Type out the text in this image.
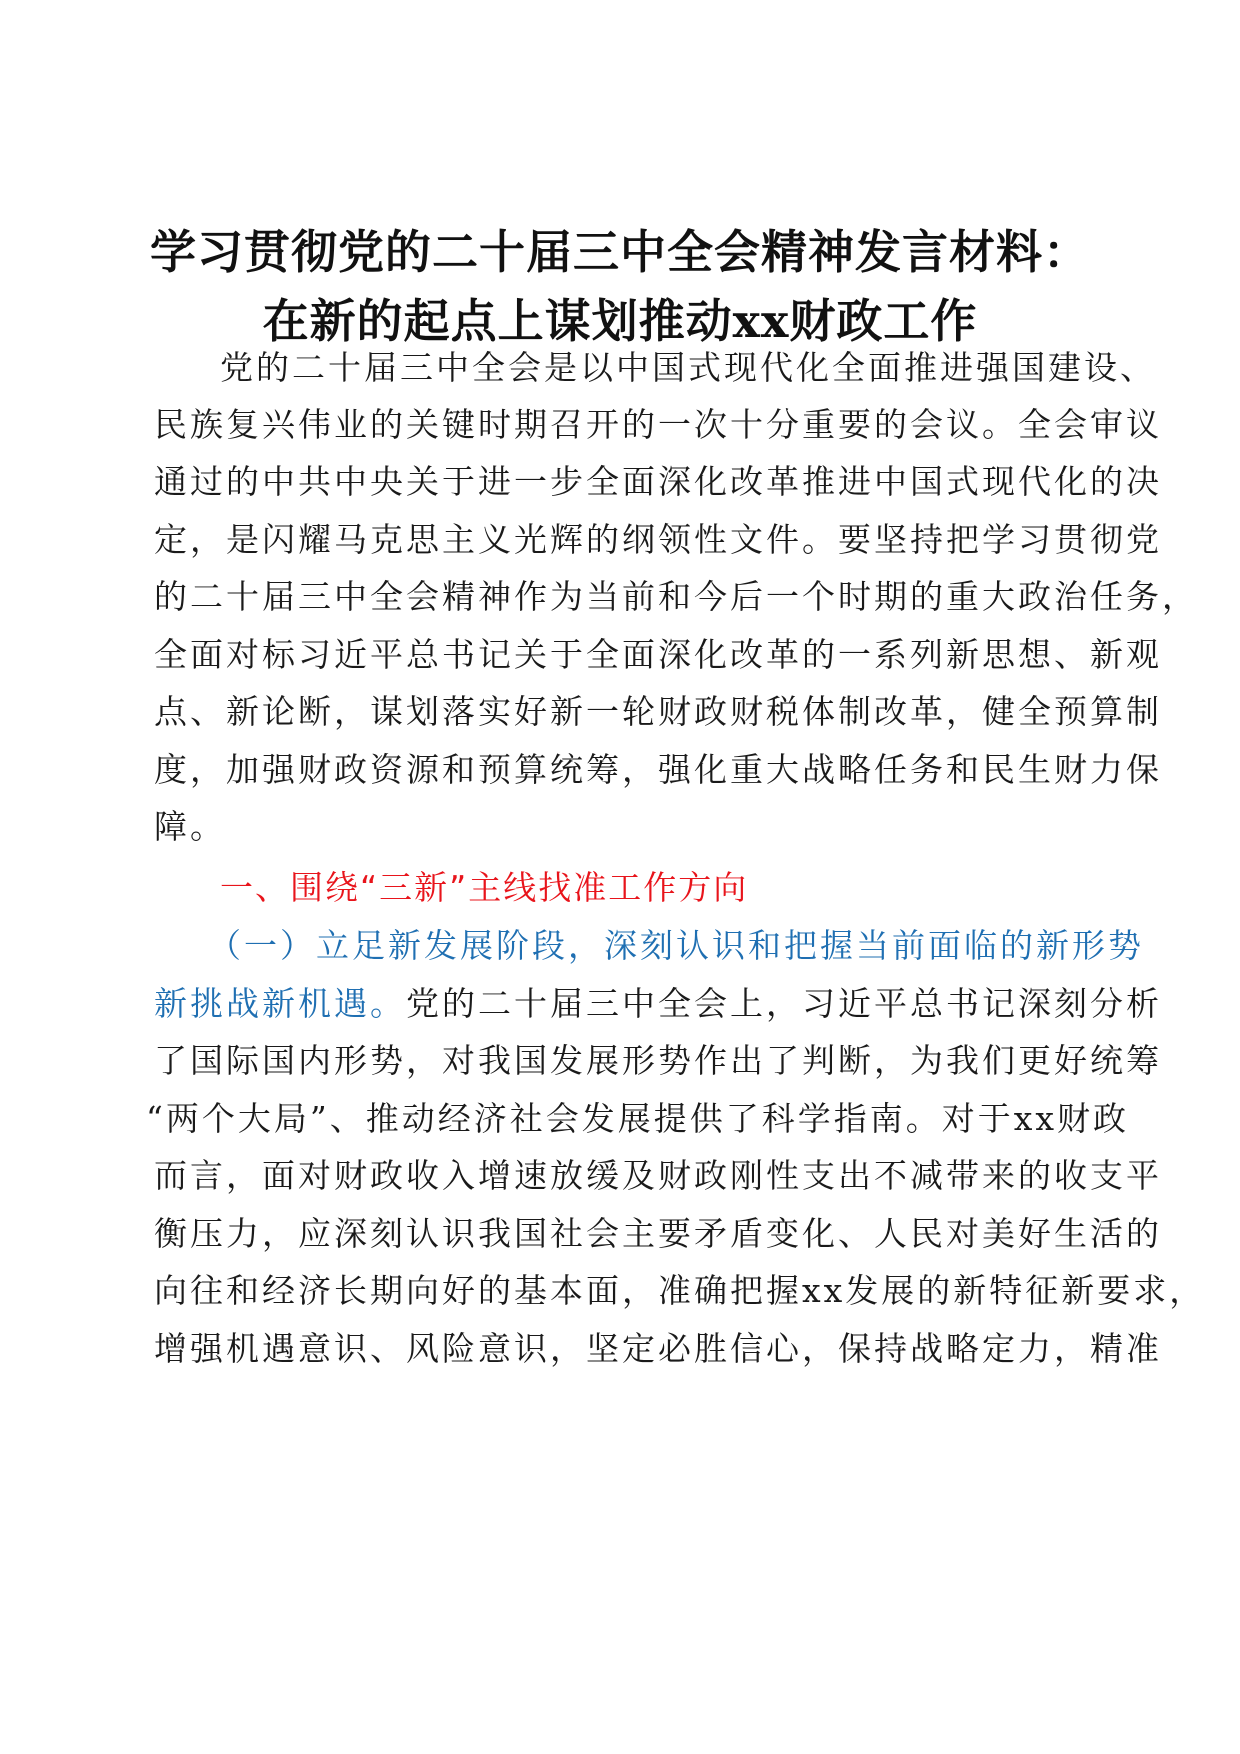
学习贯彻党的二十届三中全会精神发言材料：
在新的起点上谋划推动xx财政工作
党的二十届三中全会是以中国式现代化全面推进强国建设、
民族复兴伟业的关键时期召开的一次十分重要的会议。全会审议
通过的中共中央关于进一步全面深化改革推进中国式现代化的决
定，是闪耀马克思主义光辉的纲领性文件。要坚持把学习贯彻党
的二十届三中全会精神作为当前和今后一个时期的重大政治任务，
全面对标习近平总书记关于全面深化改革的一系列新思想、新观
点、新论断，谋划落实好新一轮财政财税体制改革，健全预算制
度，加强财政资源和预算统筹，强化重大战略任务和民生财力保
障。
一、围绕“三新”主线找准工作方向
（一）立足新发展阶段，深刻认识和把握当前面临的新形势
新挑战新机遇。党的二十届三中全会上，习近平总书记深刻分析
了国际国内形势，对我国发展形势作出了判断，为我们更好统筹
“两个大局”、推动经济社会发展提供了科学指南。对于xx财政
而言，面对财政收入增速放缓及财政刚性支出不减带来的收支平
衡压力，应深刻认识我国社会主要矛盾变化、人民对美好生活的
向往和经济长期向好的基本面，准确把握xx发展的新特征新要求，
增强机遇意识、风险意识，坚定必胜信心，保持战略定力，精准
